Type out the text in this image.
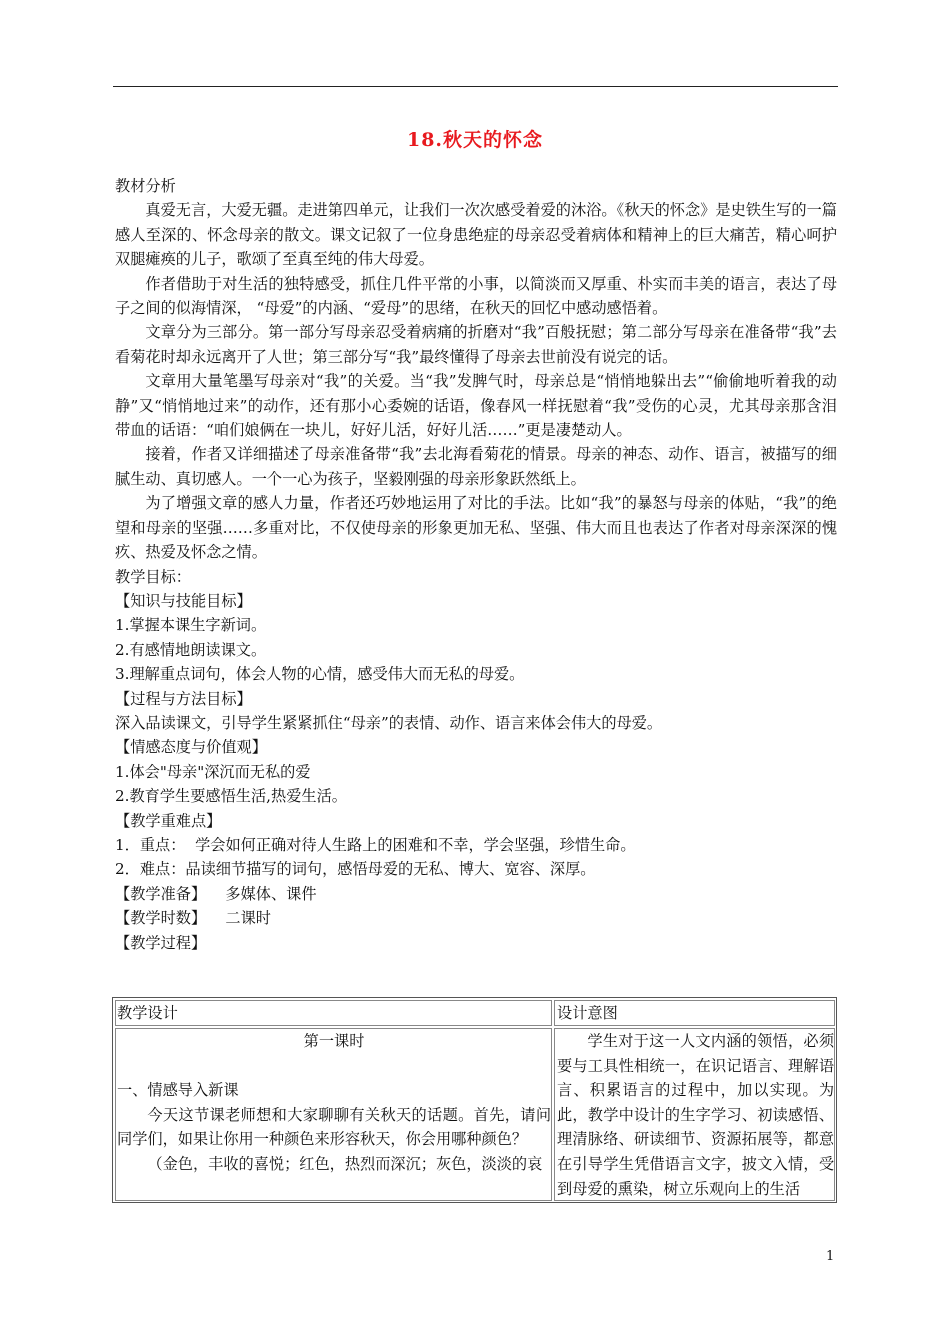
18.秋天的怀念

教材分析

真爱无言，大爱无疆。走进第四单元，让我们一次次感受着爱的沐浴。《秋天的怀念》是史铁生写的一篇感人至深的、怀念母亲的散文。课文记叙了一位身患绝症的母亲忍受着病体和精神上的巨大痛苦，精心呵护双腿瘫痪的儿子，歌颂了至真至纯的伟大母爱。

作者借助于对生活的独特感受，抓住几件平常的小事，以简淡而又厚重、朴实而丰美的语言，表达了母子之间的似海情深， “母爱”的内涵、“爱母”的思绪，在秋天的回忆中感动感悟着。

文章分为三部分。第一部分写母亲忍受着病痛的折磨对“我”百般抚慰；第二部分写母亲在准备带“我”去看菊花时却永远离开了人世；第三部分写“我”最终懂得了母亲去世前没有说完的话。

文章用大量笔墨写母亲对“我”的关爱。当“我”发脾气时，母亲总是“悄悄地躲出去”“偷偷地听着我的动静”又“悄悄地过来”的动作，还有那小心委婉的话语，像春风一样抚慰着“我”受伤的心灵，尤其母亲那含泪带血的话语：“咱们娘俩在一块儿，好好儿活，好好儿活……”更是凄楚动人。

接着，作者又详细描述了母亲准备带“我”去北海看菊花的情景。母亲的神态、动作、语言，被描写的细腻生动、真切感人。一个一心为孩子，坚毅刚强的母亲形象跃然纸上。

为了增强文章的感人力量，作者还巧妙地运用了对比的手法。比如“我”的暴怒与母亲的体贴，“我”的绝望和母亲的坚强……多重对比，不仅使母亲的形象更加无私、坚强、伟大而且也表达了作者对母亲深深的愧疚、热爱及怀念之情。

教学目标：

【知识与技能目标】

1.掌握本课生字新词。

2.有感情地朗读课文。

3.理解重点词句，体会人物的心情，感受伟大而无私的母爱。

【过程与方法目标】

深入品读课文，引导学生紧紧抓住“母亲”的表情、动作、语言来体会伟大的母爱。

【情感态度与价值观】

1.体会"母亲"深沉而无私的爱

2.教育学生要感悟生活,热爱生活。

【教学重难点】

1．重点：  学会如何正确对待人生路上的困难和不幸，学会坚强，珍惜生命。

2．难点：品读细节描写的词句，感悟母爱的无私、博大、宽容、深厚。

【教学准备】    多媒体、课件

【教学时数】    二课时

【教学过程】

教学设计	设计意图
第一课时
一、情感导入新课
今天这节课老师想和大家聊聊有关秋天的话题。首先，请问同学们，如果让你用一种颜色来形容秋天，你会用哪种颜色？
（金色，丰收的喜悦；红色，热烈而深沉；灰色，淡淡的哀
学生对于这一人文内涵的领悟，必须要与工具性相统一，在识记语言、理解语言、积累语言的过程中，加以实现。为此，教学中设计的生字学习、初读感悟、理清脉络、研读细节、资源拓展等，都意在引导学生凭借语言文字，披文入情，受到母爱的熏染，树立乐观向上的生活
1
